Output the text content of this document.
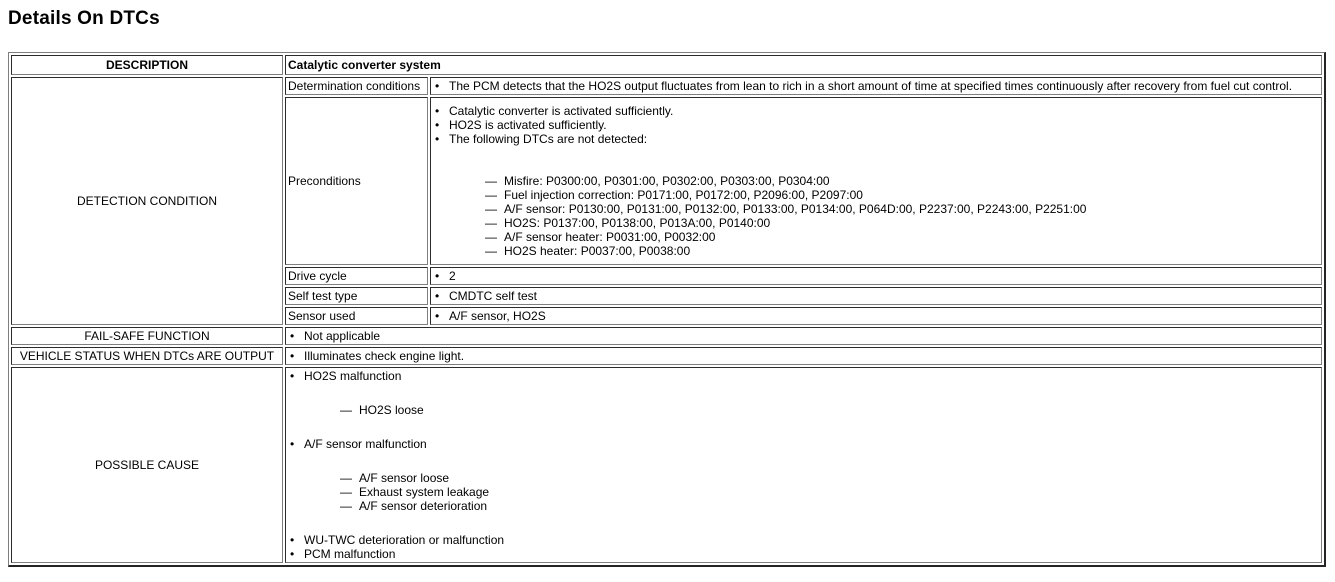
Details On DTCs
DESCRIPTION	Catalytic converter system	
DETECTION CONDITION	Determination conditions	• The PCM detects that the HO2S output fluctuates from lean to rich in a short amount of time at specified times continuously after recovery from fuel cut control.

Preconditions	
• Catalytic converter is activated sufficiently.
• HO2S is activated sufficiently.
• The following DTCs are not detected:
— Misfire: P0300:00, P0301:00, P0302:00, P0303:00, P0304:00
— Fuel injection correction: P0171:00, P0172:00, P2096:00, P2097:00
— A/F sensor: P0130:00, P0131:00, P0132:00, P0133:00, P0134:00, P064D:00, P2237:00, P2243:00, P2251:00
— HO2S: P0137:00, P0138:00, P013A:00, P0140:00
— A/F sensor heater: P0031:00, P0032:00
— HO2S heater: P0037:00, P0038:00

	Drive cycle	• 2

	Self test type	• CMDTC self test

	Sensor used	• A/F sensor, HO2S

FAIL-SAFE FUNCTION	• Not applicable	

VEHICLE STATUS WHEN DTCs ARE OUTPUT	• Illuminates check engine light.	

POSSIBLE CAUSE	
• HO2S malfunction
— HO2S loose
• A/F sensor malfunction
— A/F sensor loose
— Exhaust system leakage
— A/F sensor deterioration
• WU-TWC deterioration or malfunction
• PCM malfunction
